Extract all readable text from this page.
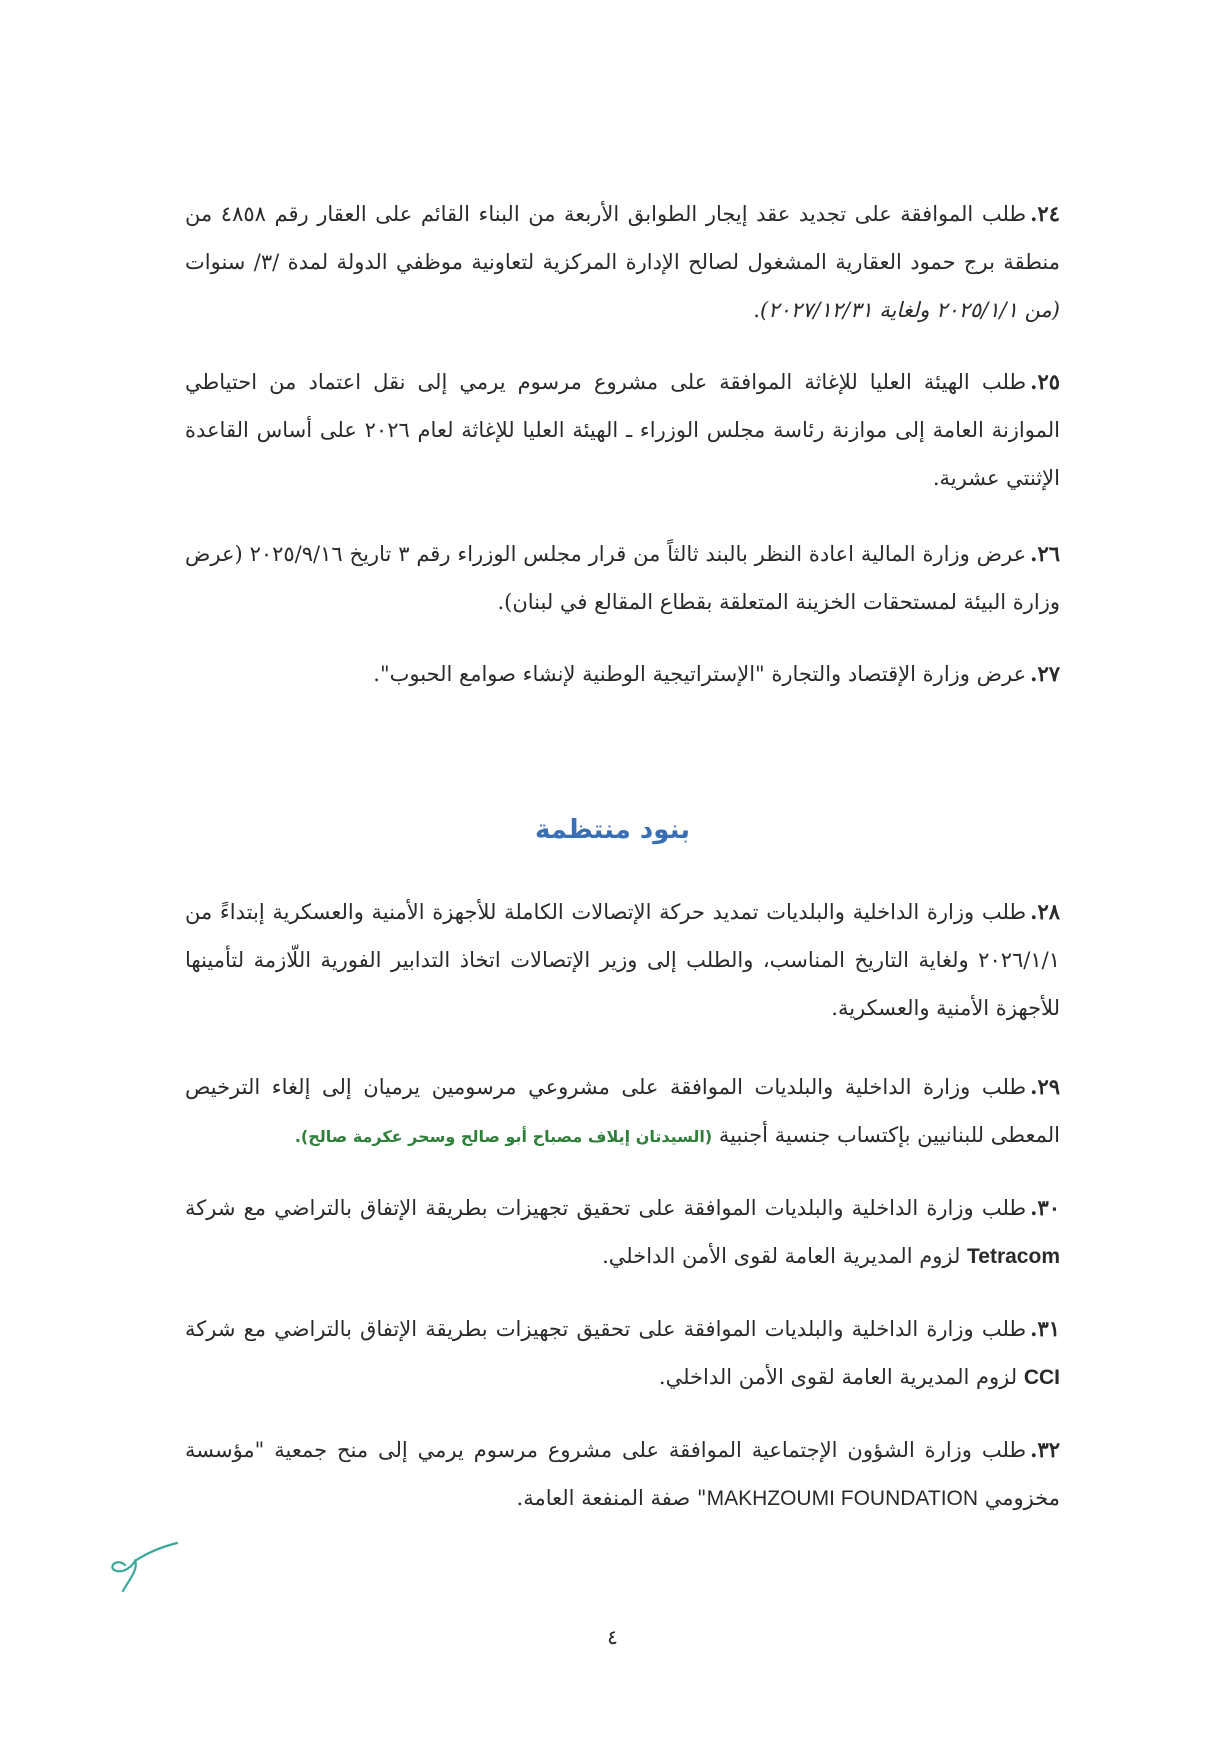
٢٤.طلب الموافقة على تجديد عقد إيجار الطوابق الأربعة من البناء القائم على العقار رقم ٤٨٥٨ من منطقة برج حمود العقارية المشغول لصالح الإدارة المركزية لتعاونية موظفي الدولة لمدة /٣/ سنوات (من ٢٠٢٥/١/١ ولغاية ٢٠٢٧/١٢/٣١).
٢٥.طلب الهيئة العليا للإغاثة الموافقة على مشروع مرسوم يرمي إلى نقل اعتماد من احتياطي الموازنة العامة إلى موازنة رئاسة مجلس الوزراء ـ الهيئة العليا للإغاثة لعام ٢٠٢٦ على أساس القاعدة الإثنتي عشرية.
٢٦.عرض وزارة المالية اعادة النظر بالبند ثالثاً من قرار مجلس الوزراء رقم ٣ تاريخ ٢٠٢٥/٩/١٦ (عرض وزارة البيئة لمستحقات الخزينة المتعلقة بقطاع المقالع في لبنان).
٢٧.عرض وزارة الإقتصاد والتجارة "الإستراتيجية الوطنية لإنشاء صوامع الحبوب".
بنود منتظمة
٢٨.طلب وزارة الداخلية والبلديات تمديد حركة الإتصالات الكاملة للأجهزة الأمنية والعسكرية إبتداءً من ٢٠٢٦/١/١ ولغاية التاريخ المناسب، والطلب إلى وزير الإتصالات اتخاذ التدابير الفورية اللّازمة لتأمينها للأجهزة الأمنية والعسكرية.
٢٩.طلب وزارة الداخلية والبلديات الموافقة على مشروعي مرسومين يرميان إلى إلغاء الترخيص المعطى للبنانيين بإكتساب جنسية أجنبية (السيدتان إيلاف مصباح أبو صالح وسحر عكرمة صالح).
٣٠.طلب وزارة الداخلية والبلديات الموافقة على تحقيق تجهيزات بطريقة الإتفاق بالتراضي مع شركة Tetracom لزوم المديرية العامة لقوى الأمن الداخلي.
٣١.طلب وزارة الداخلية والبلديات الموافقة على تحقيق تجهيزات بطريقة الإتفاق بالتراضي مع شركة CCI لزوم المديرية العامة لقوى الأمن الداخلي.
٣٢.طلب وزارة الشؤون الإجتماعية الموافقة على مشروع مرسوم يرمي إلى منح جمعية "مؤسسة مخزومي MAKHZOUMI FOUNDATION" صفة المنفعة العامة.
٤
